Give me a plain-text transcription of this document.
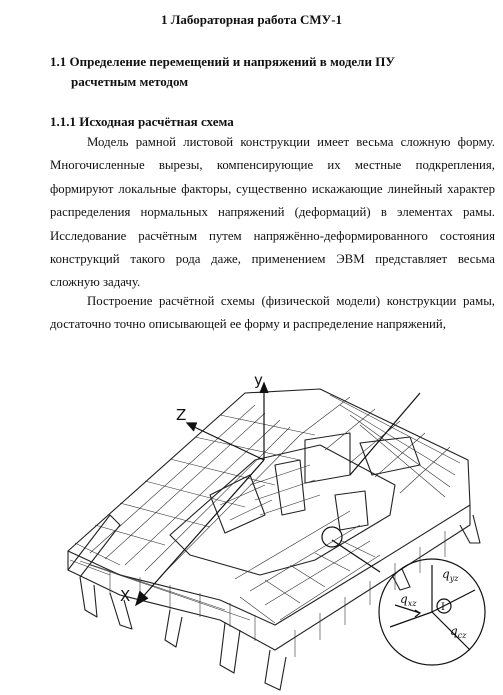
1 Лабораторная работа СМУ-1
1.1 Определение перемещений и напряжений в модели ПУ
расчетным методом
1.1.1 Исходная расчётная схема

Модель рамной листовой конструкции имеет весьма сложную форму. Многочисленные вырезы, компенсирующие их местные подкрепления, формируют локальные факторы, существенно искажающие линейный характер распределения нормальных напряжений (деформаций) в элементах рамы. Исследование расчётным путем напряжённо-деформированного состояния конструкций такого рода даже, применением ЭВМ представляет весьма сложную задачу.

Построение расчётной схемы (физической модели) конструкции рамы, достаточно точно описывающей ее форму и распределение напряжений,

y
Z
X
$q_{yz}$
$q_{xz}$
$q_{cz}$
I
